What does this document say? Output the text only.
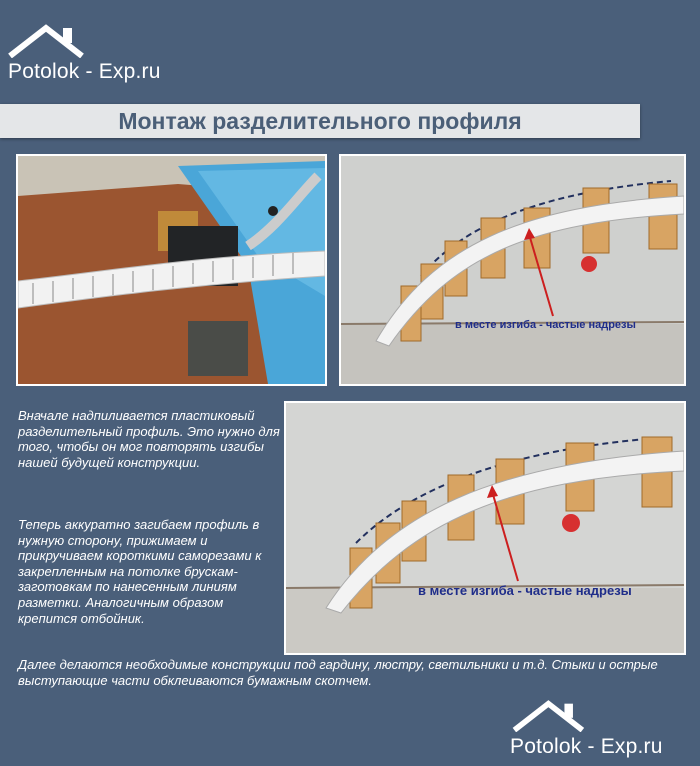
Potolok - Exp.ru
Монтаж разделительного профиля
в месте изгиба - частые надрезы
в месте изгиба - частые надрезы

Вначале надпиливается пластиковый разделительный профиль. Это нужно для того, чтобы он мог повторять изгибы нашей будущей конструкции.

Теперь аккуратно загибаем профиль в нужную сторону, прижимаем и прикручиваем короткими саморезами к закрепленным на потолке брускам-заготовкам по нанесенным линиям разметки. Аналогичным образом крепится отбойник.

Далее делаются необходимые конструкции под гардину, люстру, светильники и т.д. Стыки и острые выступающие части обклеиваются бумажным скотчем.

Potolok - Exp.ru
